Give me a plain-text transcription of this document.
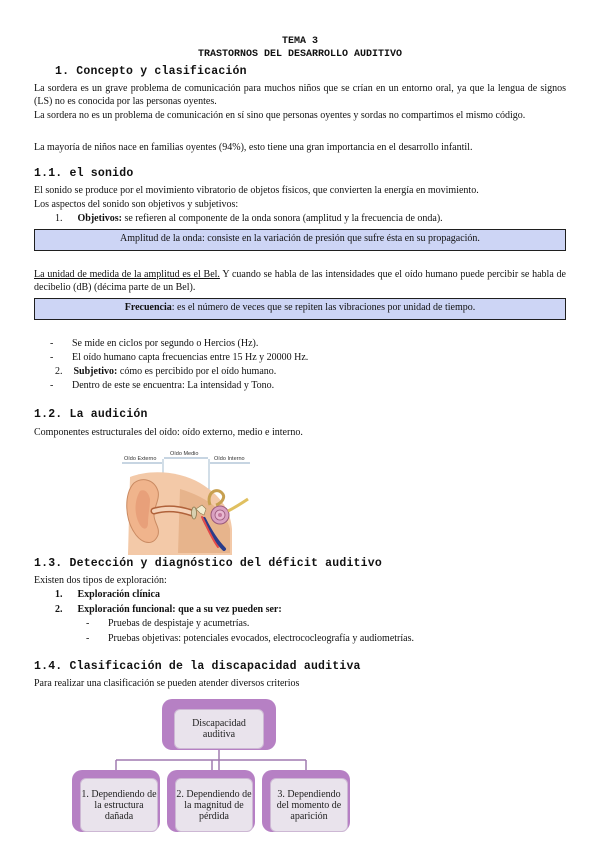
TEMA 3
TRASTORNOS DEL DESARROLLO AUDITIVO
1. Concepto y clasificación
La sordera es un grave problema de comunicación para muchos niños que se crían en un entorno oral, ya que la lengua de signos (LS) no es conocida por las personas oyentes.
La sordera no es un problema de comunicación en sí sino que personas oyentes y sordas no compartimos el mismo código.
La mayoría de niños nace en familias oyentes (94%), esto tiene una gran importancia en el desarrollo infantil.
1.1. el sonido
El sonido se produce por el movimiento vibratorio de objetos físicos, que convierten la energía en movimiento.
Los aspectos del sonido son objetivos y subjetivos:
1. Objetivos: se refieren al componente de la onda sonora (amplitud y la frecuencia de onda).
Amplitud de la onda: consiste en la variación de presión que sufre ésta en su propagación.
La unidad de medida de la amplitud es el Bel. Y cuando se habla de las intensidades que el oído humano puede percibir se habla de decibelio (dB) (décima parte de un Bel).
Frecuencia: es el número de veces que se repiten las vibraciones por unidad de tiempo.
- Se mide en ciclos por segundo o Hercios (Hz).
- El oído humano capta frecuencias entre 15 Hz y 20000 Hz.
2. Subjetivo: cómo es percibido por el oído humano.
- Dentro de este se encuentra: La intensidad y Tono.
1.2. La audición
Componentes estructurales del oído: oído externo, medio e interno.
Oído Externo
Oído Medio
Oído Interno
1.3. Detección y diagnóstico del déficit auditivo
Existen dos tipos de exploración:
1. Exploración clínica
2. Exploración funcional: que a su vez pueden ser:
- Pruebas de despistaje y acumetrías.
- Pruebas objetivas: potenciales evocados, electrococleografía y audiometrías.
1.4. Clasificación de la discapacidad auditiva
Para realizar una clasificación se pueden atender diversos criterios
Discapacidad auditiva
1. Dependiendo de la estructura dañada
2. Dependiendo de la magnitud de pérdida
3. Dependiendo del momento de aparición
